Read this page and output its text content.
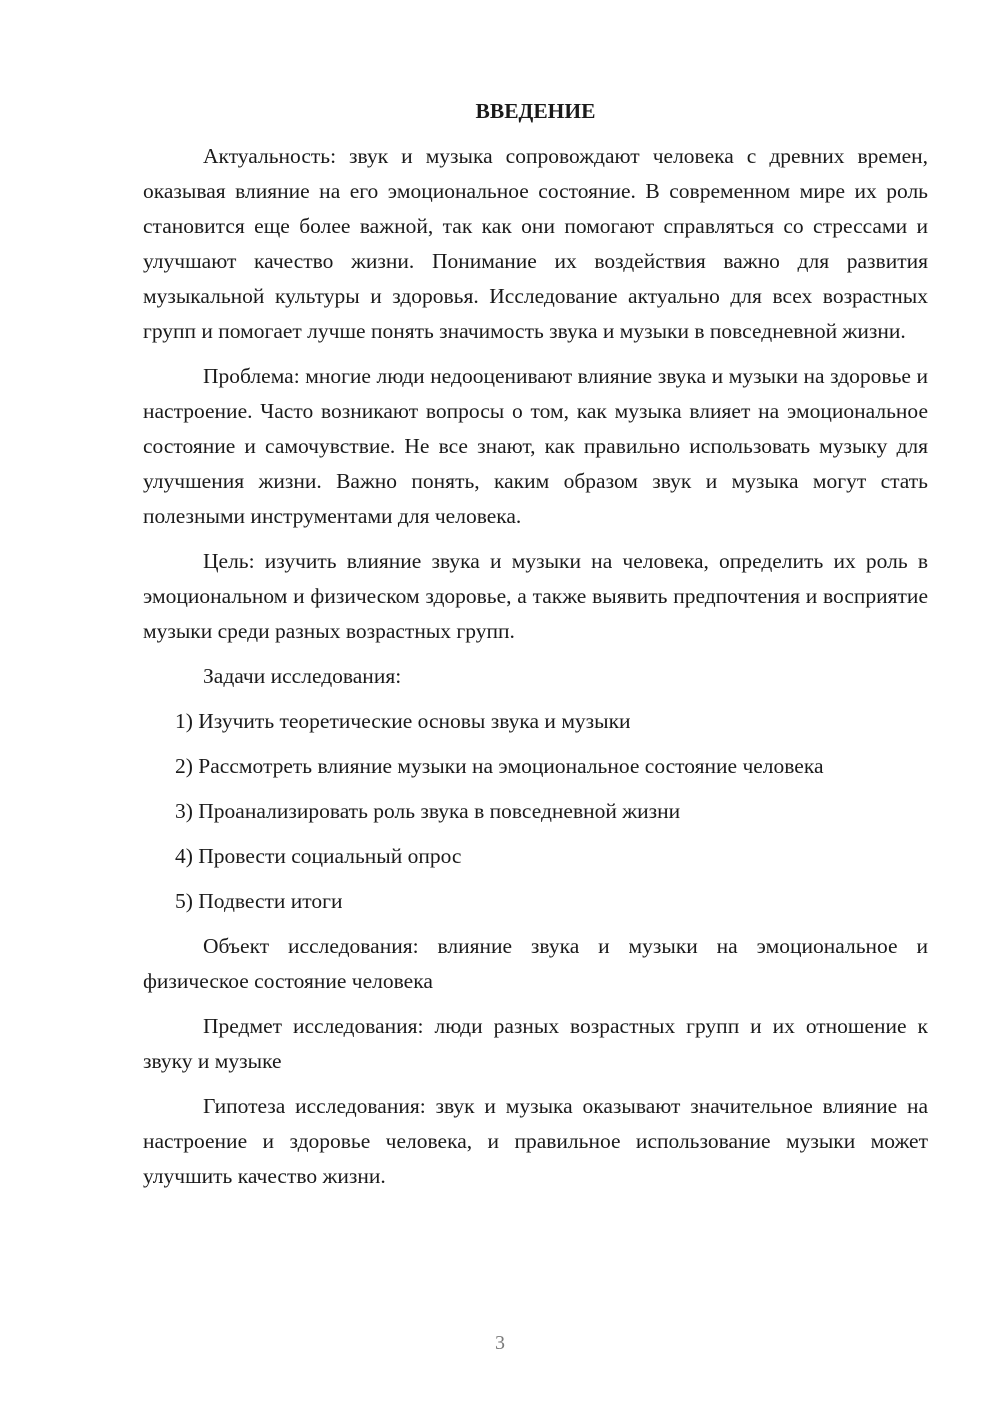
ВВЕДЕНИЕ

Актуальность: звук и музыка сопровождают человека с древних времен, оказывая влияние на его эмоциональное состояние. В современном мире их роль становится еще более важной, так как они помогают справляться со стрессами и улучшают качество жизни. Понимание их воздействия важно для развития музыкальной культуры и здоровья. Исследование актуально для всех возрастных групп и помогает лучше понять значимость звука и музыки в повседневной жизни.

Проблема: многие люди недооценивают влияние звука и музыки на здоровье и настроение. Часто возникают вопросы о том, как музыка влияет на эмоциональное состояние и самочувствие. Не все знают, как правильно использовать музыку для улучшения жизни. Важно понять, каким образом звук и музыка могут стать полезными инструментами для человека.

Цель: изучить влияние звука и музыки на человека, определить их роль в эмоциональном и физическом здоровье, а также выявить предпочтения и восприятие музыки среди разных возрастных групп.

Задачи исследования:

1) Изучить теоретические основы звука и музыки
2) Рассмотреть влияние музыки на эмоциональное состояние человека
3) Проанализировать роль звука в повседневной жизни
4) Провести социальный опрос
5) Подвести итоги

Объект исследования: влияние звука и музыки на эмоциональное и физическое состояние человека

Предмет исследования: люди разных возрастных групп и их отношение к звуку и музыке

Гипотеза исследования: звук и музыка оказывают значительное влияние на настроение и здоровье человека, и правильное использование музыки может улучшить качество жизни.

3
